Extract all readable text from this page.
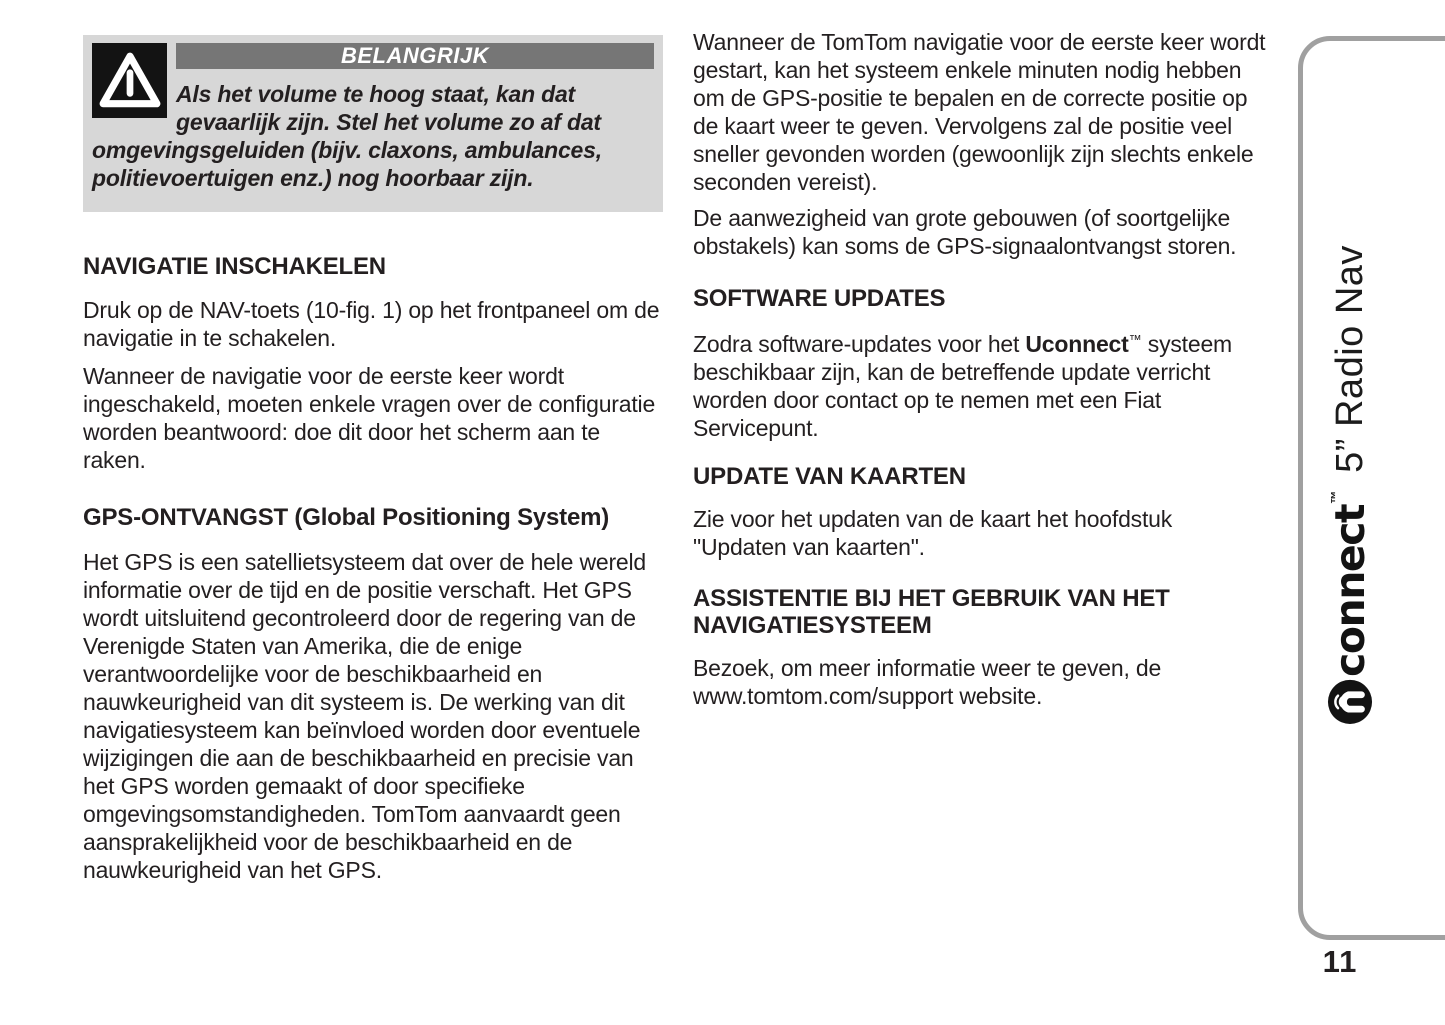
BELANGRIJK
Als het volume te hoog staat, kan dat gevaarlijk zijn. Stel het volume zo af dat omgevingsgeluiden (bijv. claxons, ambulances, politievoertuigen enz.) nog hoorbaar zijn.
NAVIGATIE INSCHAKELEN

Druk op de NAV-toets (10-fig. 1) op het frontpaneel om de navigatie in te schakelen.

Wanneer de navigatie voor de eerste keer wordt ingeschakeld, moeten enkele vragen over de configuratie worden beantwoord: doe dit door het scherm aan te raken.

GPS-ONTVANGST (Global Positioning System)

Het GPS is een satellietsysteem dat over de hele wereld informatie over de tijd en de positie verschaft. Het GPS wordt uitsluitend gecontroleerd door de regering van de Verenigde Staten van Amerika, die de enige verantwoordelijke voor de beschikbaarheid en nauwkeurigheid van dit systeem is. De werking van dit navigatiesysteem kan beïnvloed worden door eventuele wijzigingen die aan de beschikbaarheid en precisie van het GPS worden gemaakt of door specifieke omgevingsomstandigheden. TomTom aanvaardt geen aansprakelijkheid voor de beschikbaarheid en de nauwkeurigheid van het GPS.

Wanneer de TomTom navigatie voor de eerste keer wordt gestart, kan het systeem enkele minuten nodig hebben om de GPS-positie te bepalen en de correcte positie op de kaart weer te geven. Vervolgens zal de positie veel sneller gevonden worden (gewoonlijk zijn slechts enkele seconden vereist).

De aanwezigheid van grote gebouwen (of soortgelijke obstakels) kan soms de GPS-signaalontvangst storen.

SOFTWARE UPDATES

Zodra software-updates voor het Uconnect™ systeem beschikbaar zijn, kan de betreffende update verricht worden door contact op te nemen met een Fiat Servicepunt.

UPDATE VAN KAARTEN

Zie voor het updaten van de kaart het hoofdstuk "Updaten van kaarten".

ASSISTENTIE BIJ HET GEBRUIK VAN HET NAVIGATIESYSTEEM

Bezoek, om meer informatie weer te geven, de www.tomtom.com/support website.

connect
™
5” Radio Nav
11
